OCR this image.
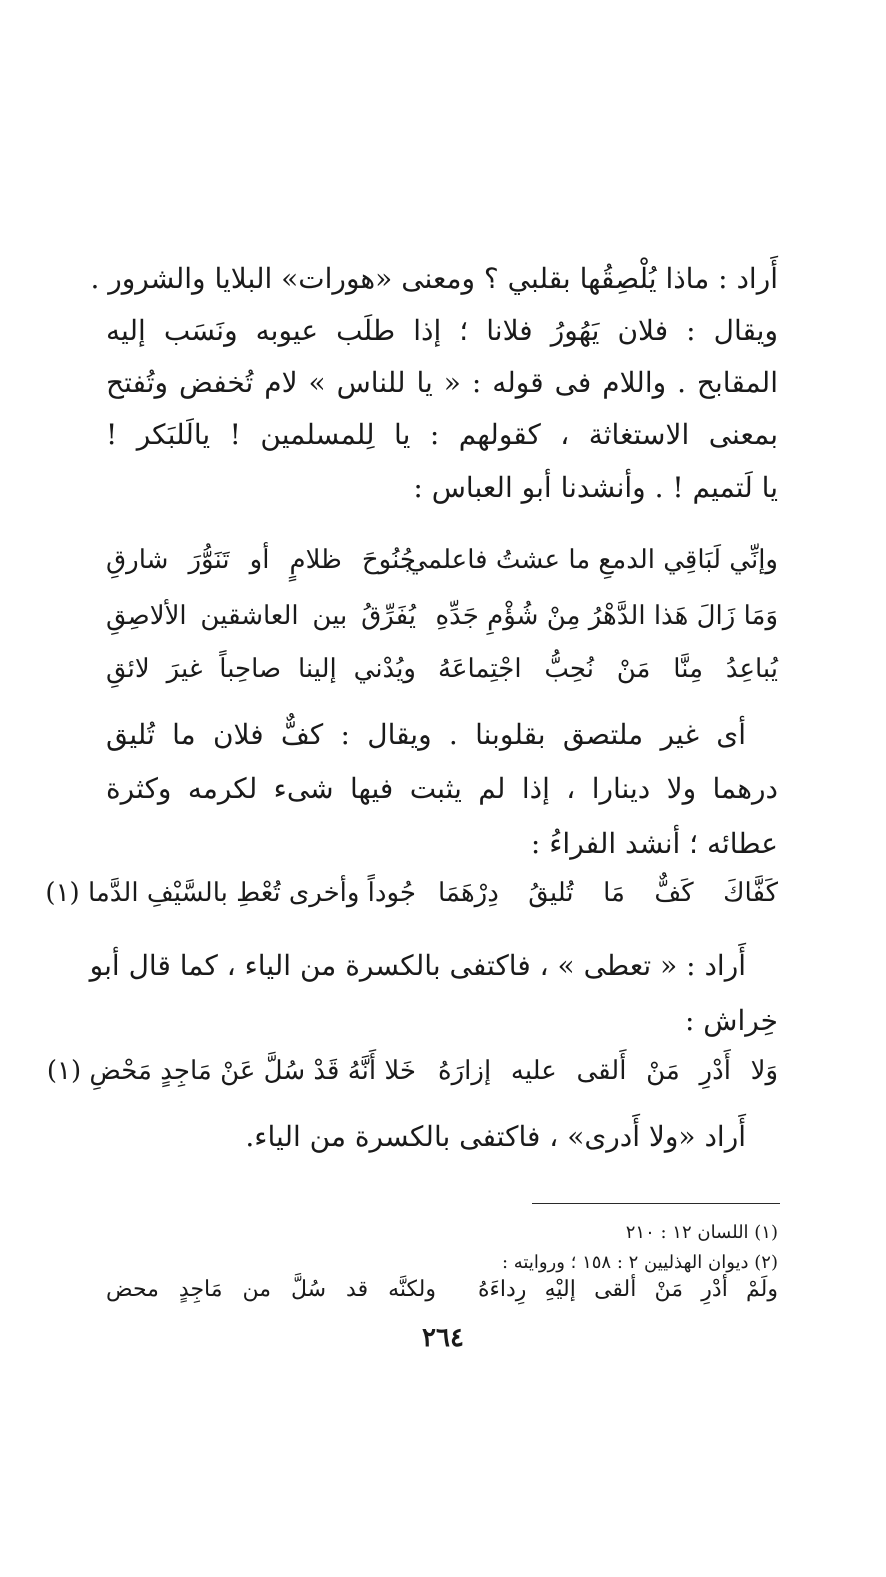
أَراد : ماذا يُلْصِقُها بقلبي ؟ ومعنى «هورات» البلايا والشرور .
ويقال : فلان يَهُورُ فلانا ؛ إذا طلَب عيوبه ونَسَب إليه
المقابح . واللام فى قوله : « يا للناس » لام تُخفض وتُفتح
بمعنى الاستغاثة ، كقولهم : يا لِلمسلمين ! يالَلبَكر !
يا لَتميم ! . وأنشدنا أبو العباس :
وإنِّي لَبَاقِي الدمعِ ما عشتُ فاعلمي
جُنُوحَ ظلامٍ أو تَنَوُّرَ شارقِ
وَمَا زَالَ هَذا الدَّهْرُ مِنْ شُؤْمِ جَدِّهِ
يُفَرِّقُ بين العاشقين الألاصِقِ
يُباعِدُ مِنَّا مَنْ نُحِبُّ اجْتِماعَهُ
ويُدْني إلينا صاحِباً غيرَ لائقِ
أى غير ملتصق بقلوبنا . ويقال : كفٌّ فلان ما تُليق
درهما ولا دينارا ، إذا لم يثبت فيها شىء لكرمه وكثرة
عطائه ؛ أنشد الفراءُ :
كَفَّاكَ كَفٌّ مَا تُليقُ دِرْهَمَا
جُوداً وأخرى تُعْطِ بالسَّيْفِ الدَّما (١)
أَراد : « تعطى » ، فاكتفى بالكسرة من الياء ، كما قال أبو
خِراش :
وَلا أَدْرِ مَنْ أَلقى عليه إزارَهُ
خَلا أَنَّهُ قَدْ سُلَّ عَنْ مَاجِدٍ مَحْضِ (١)
أَراد «ولا أَدرى» ، فاكتفى بالكسرة من الياء.
(١) اللسان ١٢ : ٢١٠
(٢) ديوان الهذليين ٢ : ١٥٨ ؛ وروايته :
ولَمْ أدْرِ مَنْ ألقى إليْهِ رِداءَهُ
ولكنَّه قد سُلَّ من مَاجِدٍ محض
٢٦٤
